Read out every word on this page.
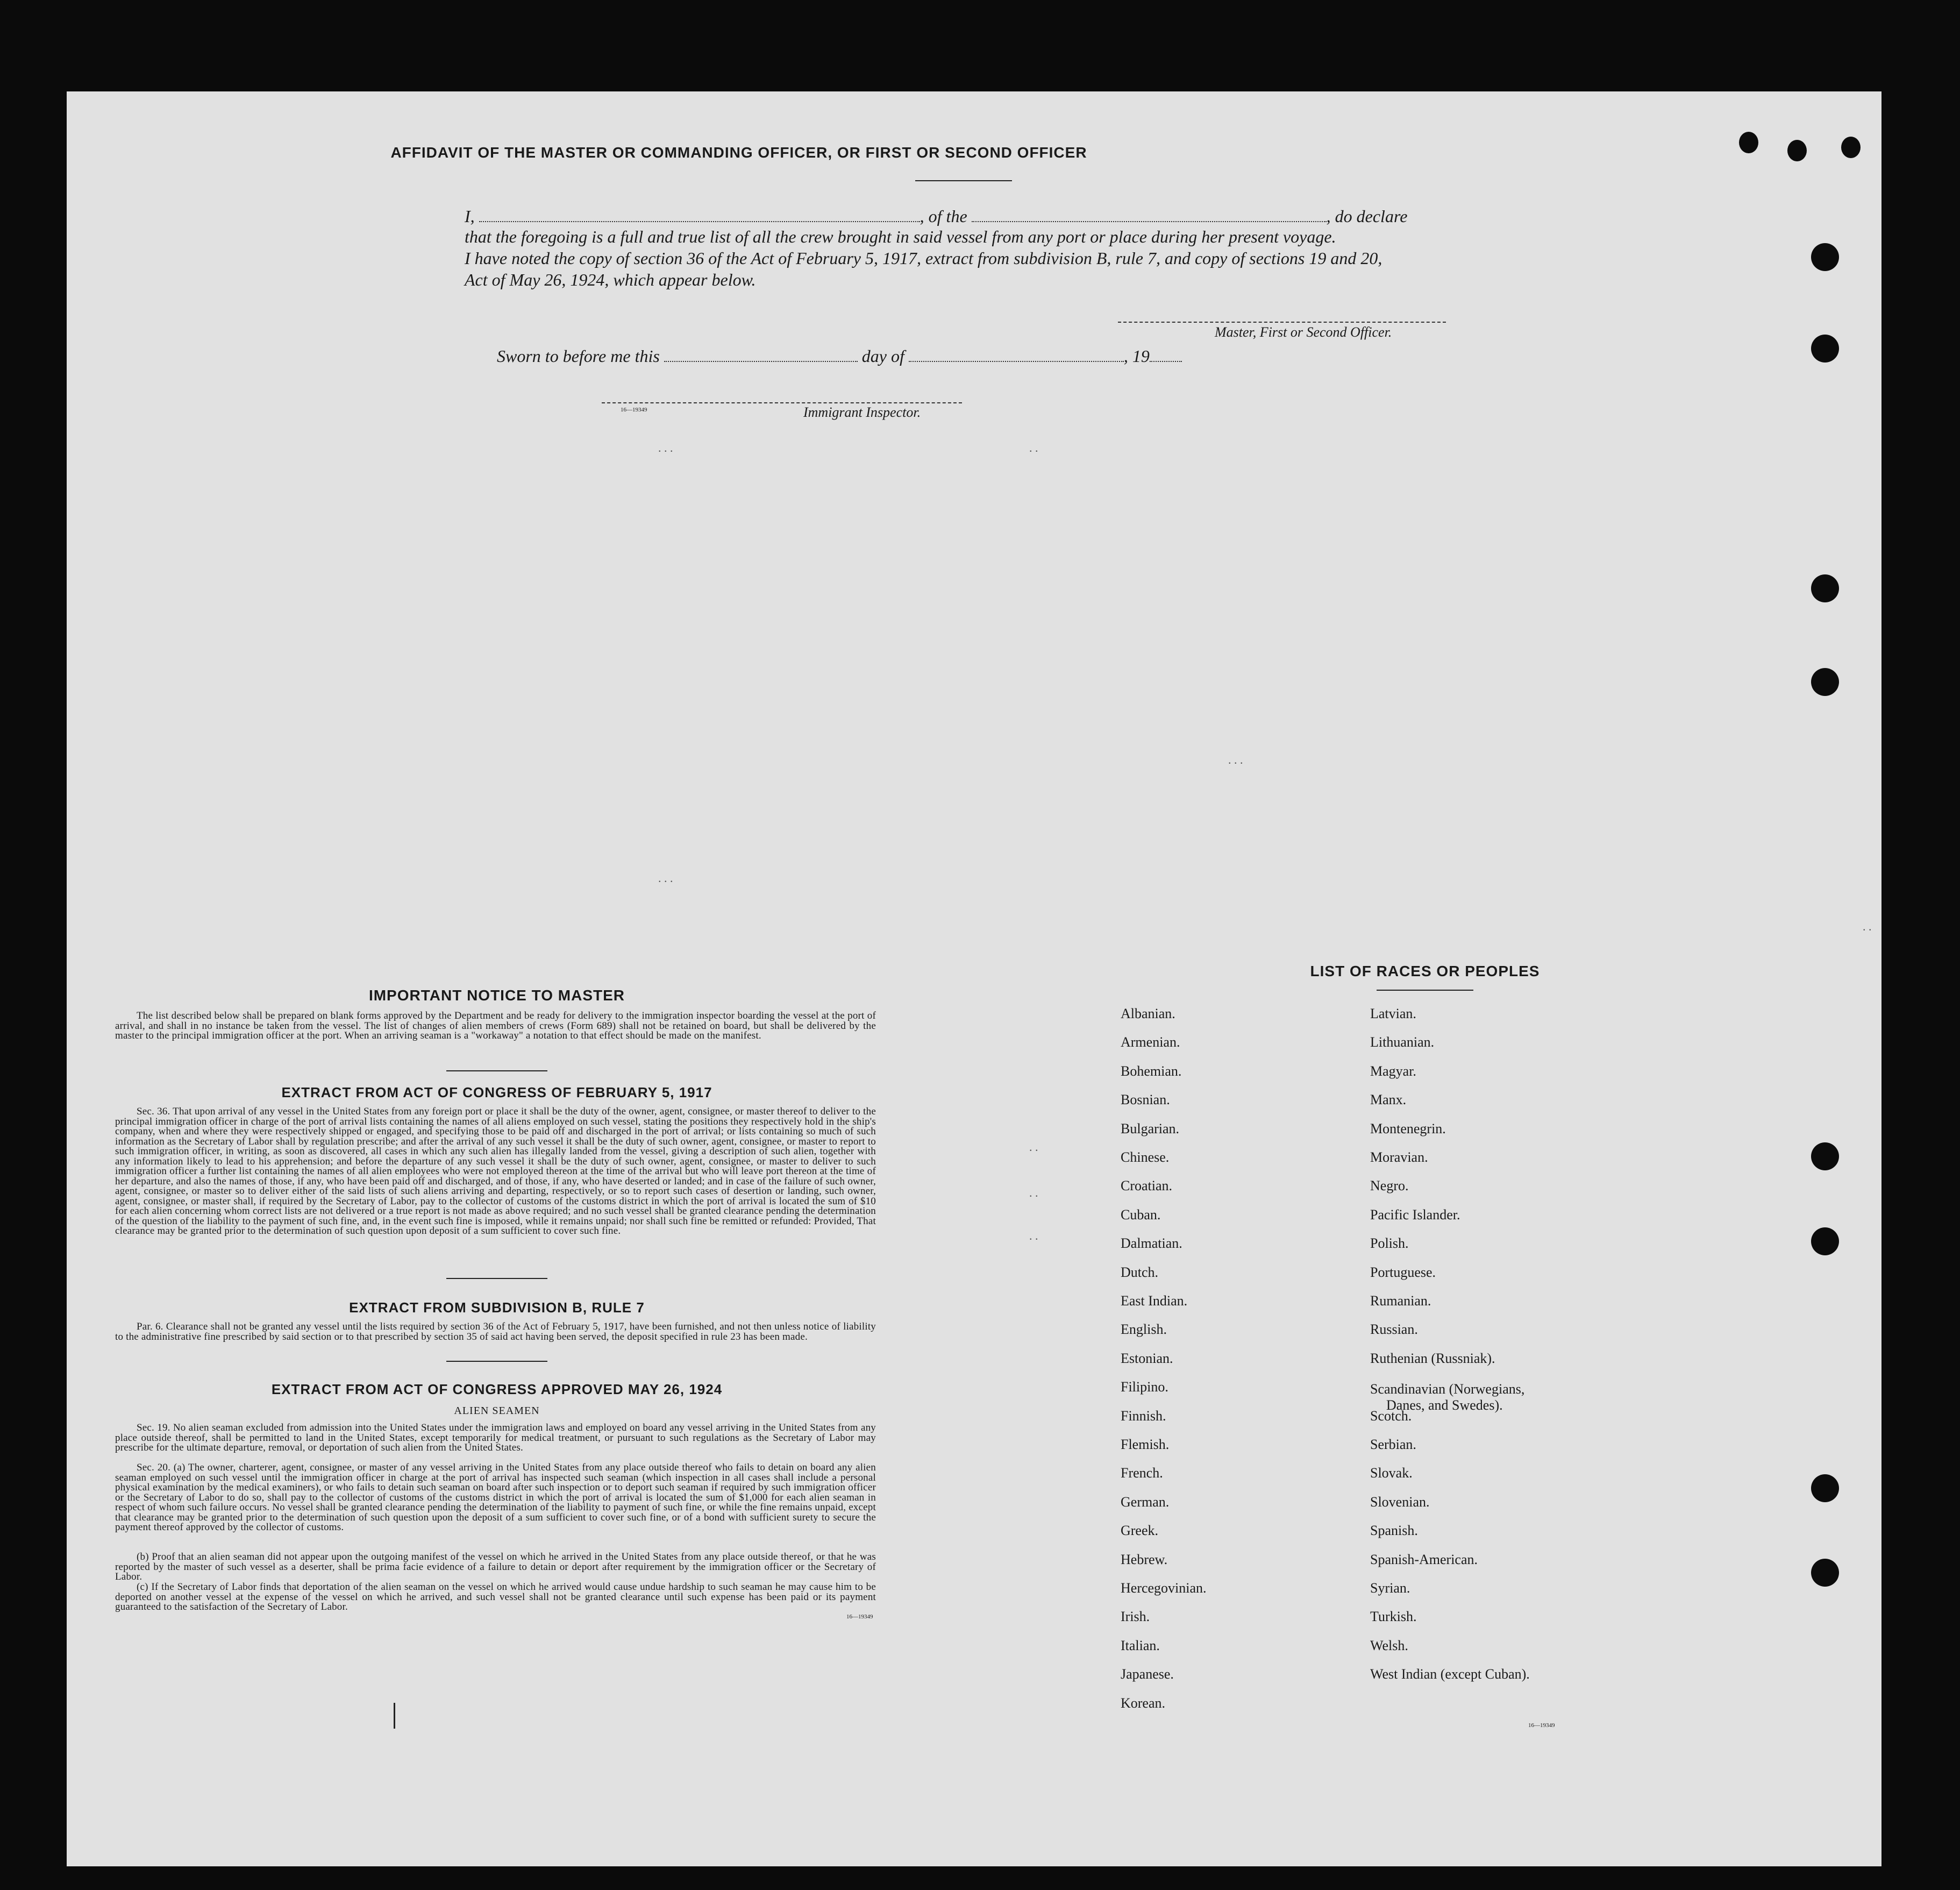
. . .	. .
. . .
. . .
. .
. .
. .
. .
AFFIDAVIT OF THE MASTER OR COMMANDING OFFICER, OR FIRST OR SECOND OFFICER
I,	, of the	, do declare
that the foregoing is a full and true list of all the crew brought in said vessel from any port or place during her present voyage.
I have noted the copy of section 36 of the Act of February 5, 1917, extract from subdivision B, rule 7, and copy of sections 19 and 20,
Act of May 26, 1924, which appear below.
Master, First or Second Officer.
Sworn to before me this	day of	, 19
16—19349	Immigrant Inspector.
IMPORTANT NOTICE TO MASTER
The list described below shall be prepared on blank forms approved by the Department and be ready for delivery to the immigration inspector boarding the vessel at the port of arrival, and shall in no instance be taken from the vessel. The list of changes of alien members of crews (Form 689) shall not be retained on board, but shall be delivered by the master to the principal immigration officer at the port. When an arriving seaman is a "workaway" a notation to that effect should be made on the manifest.
EXTRACT FROM ACT OF CONGRESS OF FEBRUARY 5, 1917
Sec. 36. That upon arrival of any vessel in the United States from any foreign port or place it shall be the duty of the owner, agent, consignee, or master thereof to deliver to the principal immigration officer in charge of the port of arrival lists containing the names of all aliens employed on such vessel, stating the positions they respectively hold in the ship's company, when and where they were respectively shipped or engaged, and specifying those to be paid off and discharged in the port of arrival; or lists containing so much of such information as the Secretary of Labor shall by regulation prescribe; and after the arrival of any such vessel it shall be the duty of such owner, agent, consignee, or master to report to such immigration officer, in writing, as soon as discovered, all cases in which any such alien has illegally landed from the vessel, giving a description of such alien, together with any information likely to lead to his apprehension; and before the departure of any such vessel it shall be the duty of such owner, agent, consignee, or master to deliver to such immigration officer a further list containing the names of all alien employees who were not employed thereon at the time of the arrival but who will leave port thereon at the time of her departure, and also the names of those, if any, who have been paid off and discharged, and of those, if any, who have deserted or landed; and in case of the failure of such owner, agent, consignee, or master so to deliver either of the said lists of such aliens arriving and departing, respectively, or so to report such cases of desertion or landing, such owner, agent, consignee, or master shall, if required by the Secretary of Labor, pay to the collector of customs of the customs district in which the port of arrival is located the sum of $10 for each alien concerning whom correct lists are not delivered or a true report is not made as above required; and no such vessel shall be granted clearance pending the determination of the question of the liability to the payment of such fine, and, in the event such fine is imposed, while it remains unpaid; nor shall such fine be remitted or refunded: Provided, That clearance may be granted prior to the determination of such question upon deposit of a sum sufficient to cover such fine.
EXTRACT FROM SUBDIVISION B, RULE 7
Par. 6. Clearance shall not be granted any vessel until the lists required by section 36 of the Act of February 5, 1917, have been furnished, and not then unless notice of liability to the administrative fine prescribed by said section or to that prescribed by section 35 of said act having been served, the deposit specified in rule 23 has been made.
EXTRACT FROM ACT OF CONGRESS APPROVED MAY 26, 1924
ALIEN SEAMEN
Sec. 19. No alien seaman excluded from admission into the United States under the immigration laws and employed on board any vessel arriving in the United States from any place outside thereof, shall be permitted to land in the United States, except temporarily for medical treatment, or pursuant to such regulations as the Secretary of Labor may prescribe for the ultimate departure, removal, or deportation of such alien from the United States.
Sec. 20. (a) The owner, charterer, agent, consignee, or master of any vessel arriving in the United States from any place outside thereof who fails to detain on board any alien seaman employed on such vessel until the immigration officer in charge at the port of arrival has inspected such seaman (which inspection in all cases shall include a personal physical examination by the medical examiners), or who fails to detain such seaman on board after such inspection or to deport such seaman if required by such immigration officer or the Secretary of Labor to do so, shall pay to the collector of customs of the customs district in which the port of arrival is located the sum of $1,000 for each alien seaman in respect of whom such failure occurs. No vessel shall be granted clearance pending the determination of the liability to payment of such fine, or while the fine remains unpaid, except that clearance may be granted prior to the determination of such question upon the deposit of a sum sufficient to cover such fine, or of a bond with sufficient surety to secure the payment thereof approved by the collector of customs.
(b) Proof that an alien seaman did not appear upon the outgoing manifest of the vessel on which he arrived in the United States from any place outside thereof, or that he was reported by the master of such vessel as a deserter, shall be prima facie evidence of a failure to detain or deport after requirement by the immigration officer or the Secretary of Labor.
(c) If the Secretary of Labor finds that deportation of the alien seaman on the vessel on which he arrived would cause undue hardship to such seaman he may cause him to be deported on another vessel at the expense of the vessel on which he arrived, and such vessel shall not be granted clearance until such expense has been paid or its payment guaranteed to the satisfaction of the Secretary of Labor.
16—19349
LIST OF RACES OR PEOPLES
16—19349
Albanian.
Armenian.
Bohemian.
Bosnian.
Bulgarian.
Chinese.
Croatian.
Cuban.
Dalmatian.
Dutch.
East Indian.
English.
Estonian.
Filipino.
Finnish.
Flemish.
French.
German.
Greek.
Hebrew.
Hercegovinian.
Irish.
Italian.
Japanese.
Korean.
Latvian.
Lithuanian.
Magyar.
Manx.
Montenegrin.
Moravian.
Negro.
Pacific Islander.
Polish.
Portuguese.
Rumanian.
Russian.
Ruthenian (Russniak).
Scandinavian (Norwegians,
Danes, and Swedes).
Scotch.
Serbian.
Slovak.
Slovenian.
Spanish.
Spanish-American.
Syrian.
Turkish.
Welsh.
West Indian (except Cuban).
